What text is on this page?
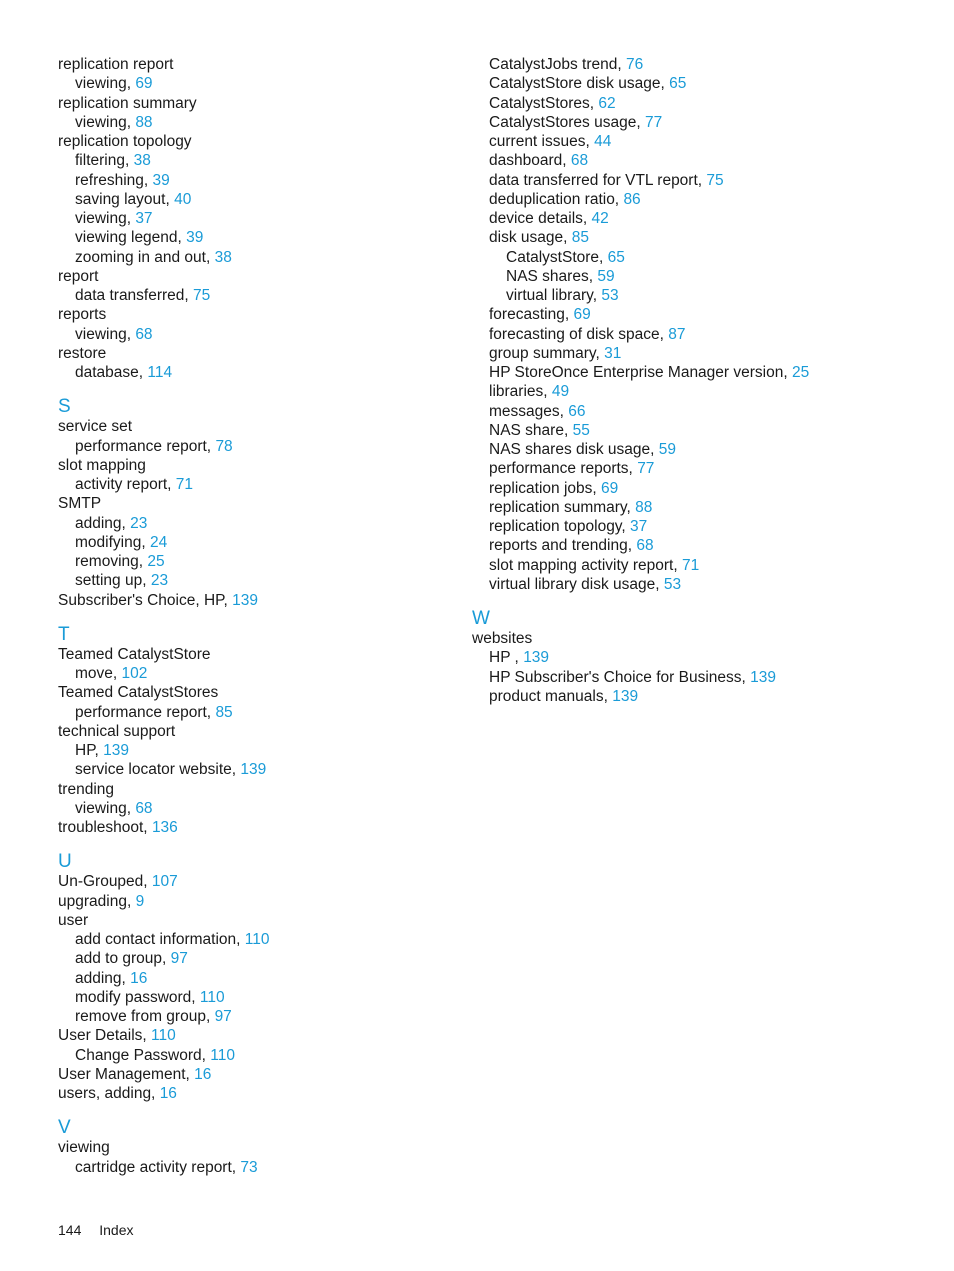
replication report
viewing, 69
replication summary
viewing, 88
replication topology
filtering, 38
refreshing, 39
saving layout, 40
viewing, 37
viewing legend, 39
zooming in and out, 38
report
data transferred, 75
reports
viewing, 68
restore
database, 114
S
service set
performance report, 78
slot mapping
activity report, 71
SMTP
adding, 23
modifying, 24
removing, 25
setting up, 23
Subscriber's Choice, HP, 139
T
Teamed CatalystStore
move, 102
Teamed CatalystStores
performance report, 85
technical support
HP, 139
service locator website, 139
trending
viewing, 68
troubleshoot, 136
U
Un-Grouped, 107
upgrading, 9
user
add contact information, 110
add to group, 97
adding, 16
modify password, 110
remove from group, 97
User Details, 110
Change Password, 110
User Management, 16
users, adding, 16
V
viewing
cartridge activity report, 73
CatalystJobs trend, 76
CatalystStore disk usage, 65
CatalystStores, 62
CatalystStores usage, 77
current issues, 44
dashboard, 68
data transferred for VTL report, 75
deduplication ratio, 86
device details, 42
disk usage, 85
CatalystStore, 65
NAS shares, 59
virtual library, 53
forecasting, 69
forecasting of disk space, 87
group summary, 31
HP StoreOnce Enterprise Manager version, 25
libraries, 49
messages, 66
NAS share, 55
NAS shares disk usage, 59
performance reports, 77
replication jobs, 69
replication summary, 88
replication topology, 37
reports and trending, 68
slot mapping activity report, 71
virtual library disk usage, 53
W
websites
HP , 139
HP Subscriber's Choice for Business, 139
product manuals, 139
144 Index
